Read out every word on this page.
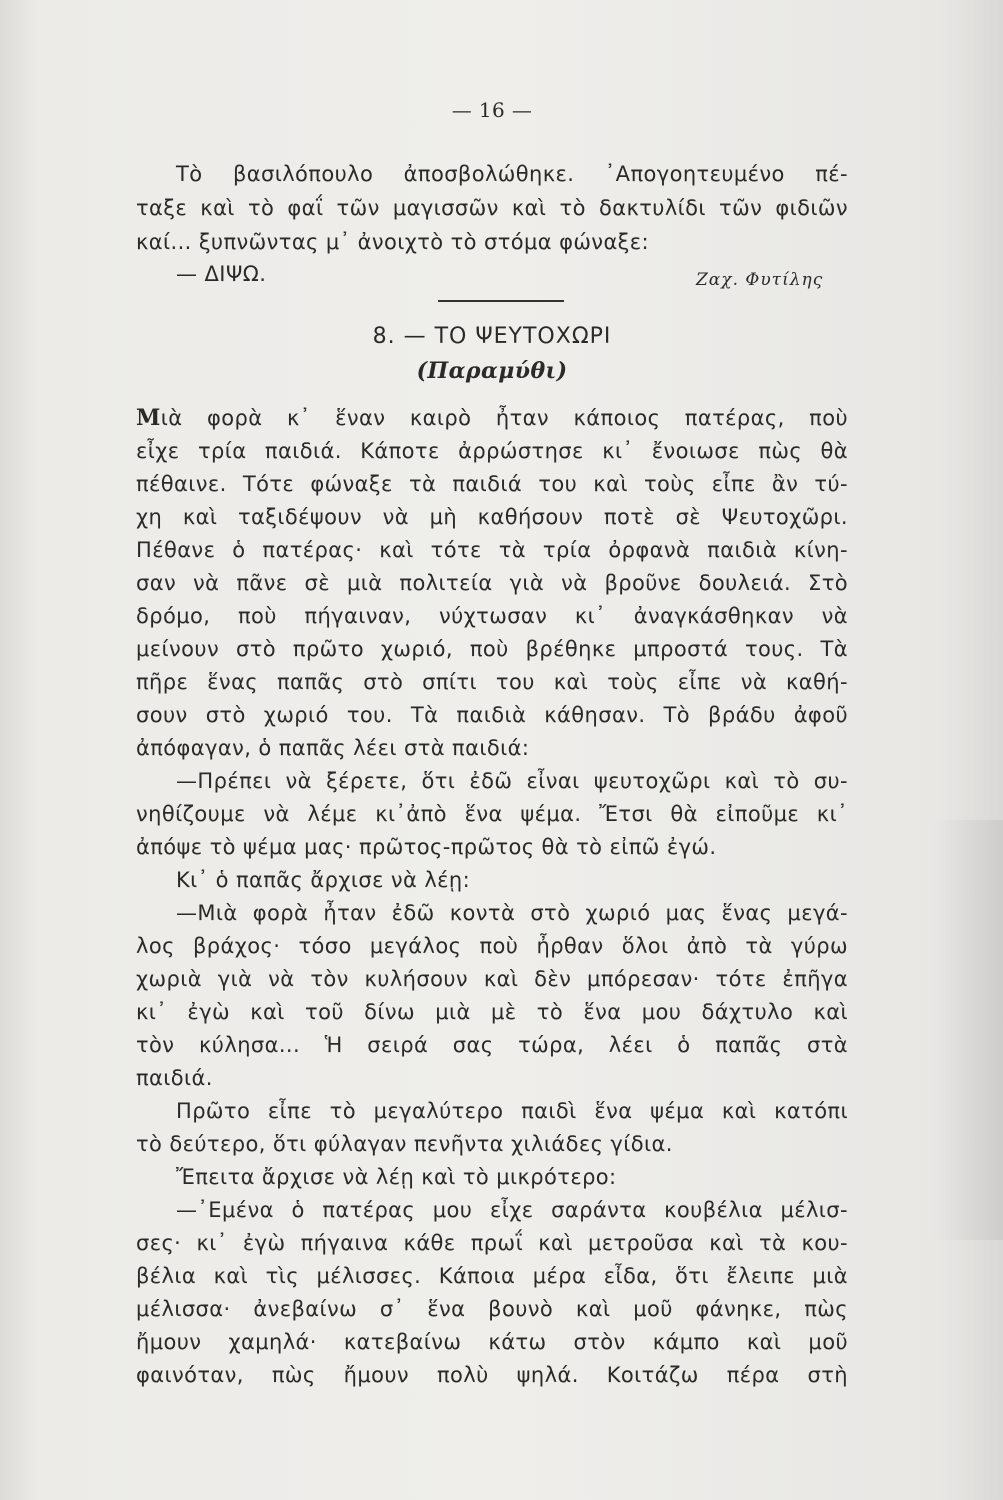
— 16 —
Τὸ βασιλόπουλο ἀποσβολώθηκε. ᾿Απογοητευμένο πέ-
ταξε καὶ τὸ φαΐ τῶν μαγισσῶν καὶ τὸ δακτυλίδι τῶν φιδιῶν
καί... ξυπνῶντας μ᾿ ἀνοιχτὸ τὸ στόμα φώναξε:
— ΔΙΨΩ.	Ζαχ. Φυτίλης
8. — ΤΟ ΨΕΥΤΟΧΩΡΙ
(Παραμύθι)
Μιὰ φορὰ κ᾿ ἕναν καιρὸ ἦταν κάποιος πατέρας, ποὺ
εἶχε τρία παιδιά. Κάποτε ἀρρώστησε κι᾿ ἔνοιωσε πὼς θὰ
πέθαινε. Τότε φώναξε τὰ παιδιά του καὶ τοὺς εἶπε ἂν τύ-
χη καὶ ταξιδέψουν νὰ μὴ καθήσουν ποτὲ σὲ Ψευτοχῶρι.
Πέθανε ὁ πατέρας· καὶ τότε τὰ τρία ὀρφανὰ παιδιὰ κίνη-
σαν νὰ πᾶνε σὲ μιὰ πολιτεία γιὰ νὰ βροῦνε δουλειά. Στὸ
δρόμο, ποὺ πήγαιναν, νύχτωσαν κι᾿ ἀναγκάσθηκαν νὰ
μείνουν στὸ πρῶτο χωριό, ποὺ βρέθηκε μπροστά τους. Τὰ
πῆρε ἕνας παπᾶς στὸ σπίτι του καὶ τοὺς εἶπε νὰ καθή-
σουν στὸ χωριό του. Τὰ παιδιὰ κάθησαν. Τὸ βράδυ ἀφοῦ
ἀπόφαγαν, ὁ παπᾶς λέει στὰ παιδιά:
—Πρέπει νὰ ξέρετε, ὅτι ἐδῶ εἶναι ψευτοχῶρι καὶ τὸ συ-
νηθίζουμε νὰ λέμε κι᾿ἀπὸ ἕνα ψέμα. Ἔτσι θὰ εἰποῦμε κι᾿
ἀπόψε τὸ ψέμα μας· πρῶτος-πρῶτος θὰ τὸ εἰπῶ ἐγώ.
Κι᾿ ὁ παπᾶς ἄρχισε νὰ λέῃ:
—Μιὰ φορὰ ἦταν ἐδῶ κοντὰ στὸ χωριό μας ἕνας μεγά-
λος βράχος· τόσο μεγάλος ποὺ ἦρθαν ὅλοι ἀπὸ τὰ γύρω
χωριὰ γιὰ νὰ τὸν κυλήσουν καὶ δὲν μπόρεσαν· τότε ἐπῆγα
κι᾿ ἐγὼ καὶ τοῦ δίνω μιὰ μὲ τὸ ἕνα μου δάχτυλο καὶ
τὸν κύλησα... Ἡ σειρά σας τώρα, λέει ὁ παπᾶς στὰ
παιδιά.
Πρῶτο εἶπε τὸ μεγαλύτερο παιδὶ ἕνα ψέμα καὶ κατόπι
τὸ δεύτερο, ὅτι φύλαγαν πενῆντα χιλιάδες γίδια.
Ἔπειτα ἄρχισε νὰ λέῃ καὶ τὸ μικρότερο:
—᾿Εμένα ὁ πατέρας μου εἶχε σαράντα κουβέλια μέλισ-
σες· κι᾿ ἐγὼ πήγαινα κάθε πρωΐ καὶ μετροῦσα καὶ τὰ κου-
βέλια καὶ τὶς μέλισσες. Κάποια μέρα εἶδα, ὅτι ἔλειπε μιὰ
μέλισσα· ἀνεβαίνω σ᾿ ἕνα βουνὸ καὶ μοῦ φάνηκε, πὼς
ἤμουν χαμηλά· κατεβαίνω κάτω στὸν κάμπο καὶ μοῦ
φαινόταν, πὼς ἤμουν πολὺ ψηλά. Κοιτάζω πέρα στὴ
